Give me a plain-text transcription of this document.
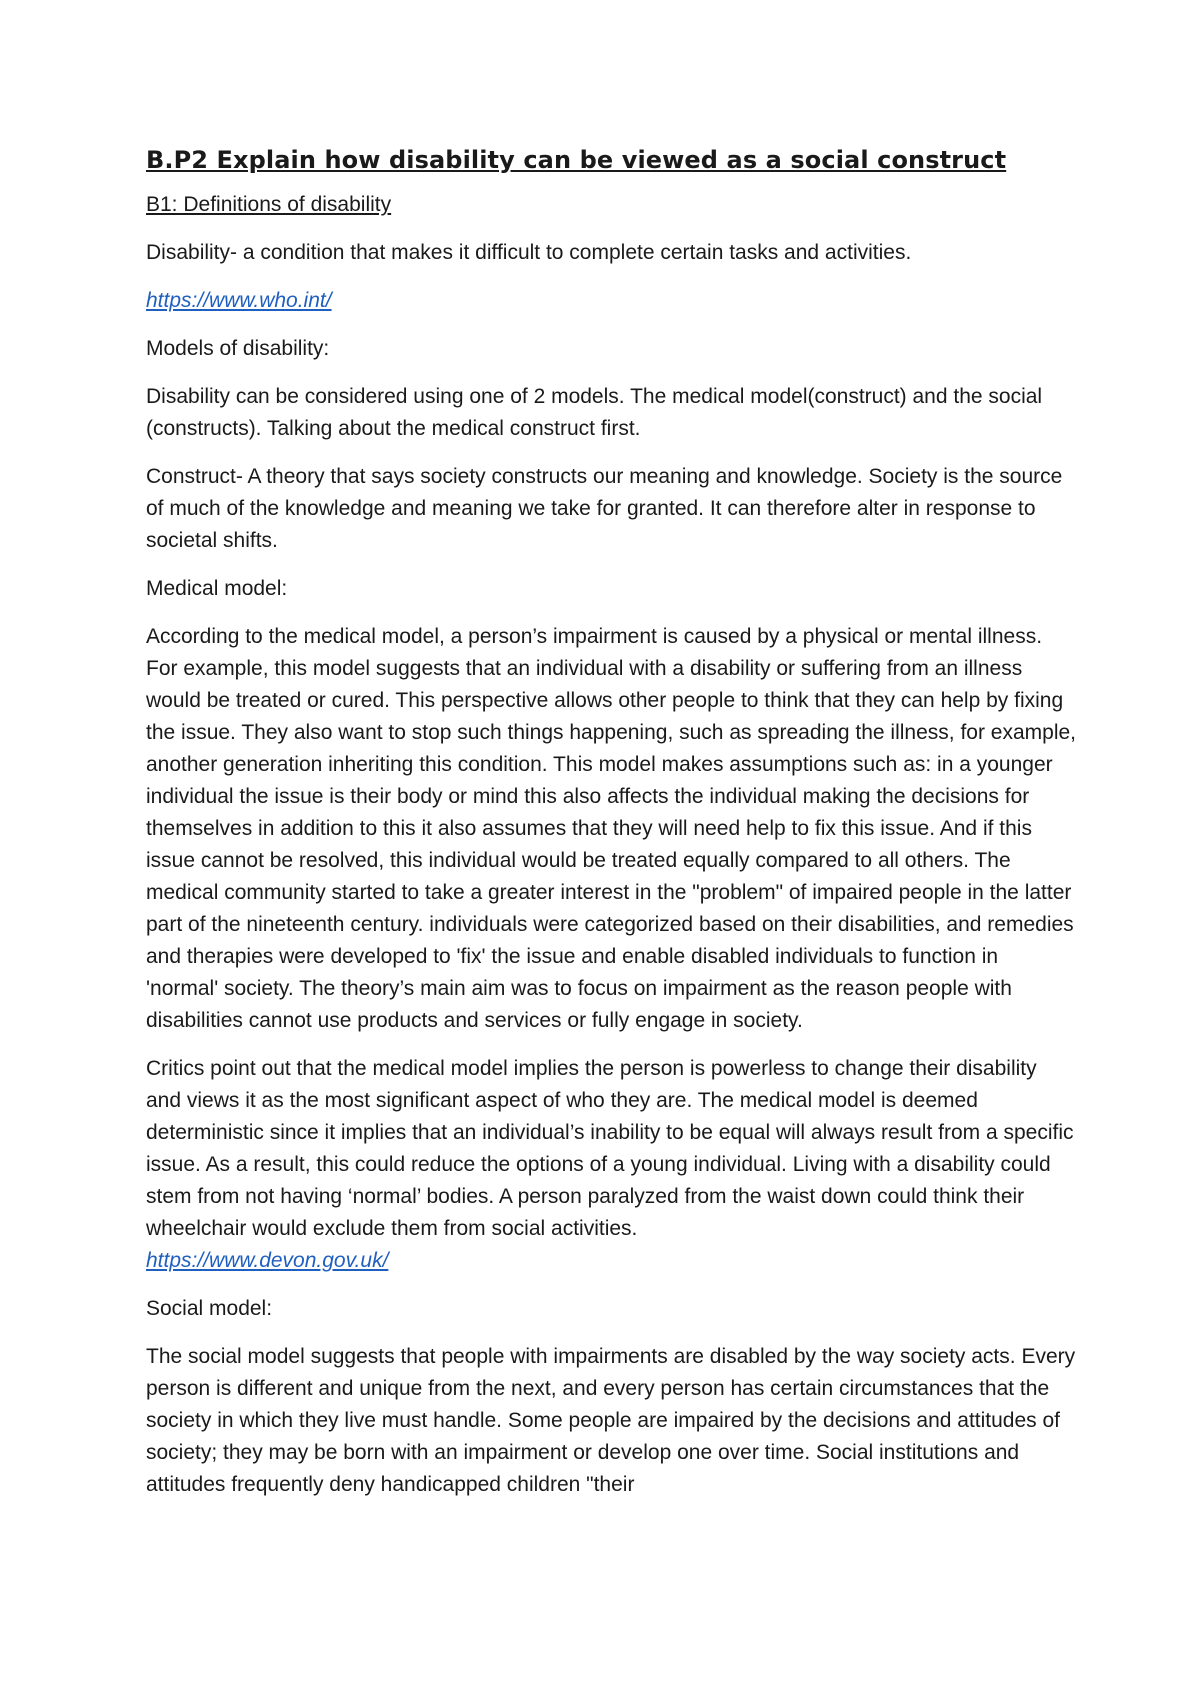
B.P2 Explain how disability can be viewed as a social construct
B1: Definitions of disability

Disability- a condition that makes it difficult to complete certain tasks and activities.

https://www.who.int/

Models of disability:

Disability can be considered using one of 2 models. The medical model(construct) and the social (constructs). Talking about the medical construct first.

Construct- A theory that says society constructs our meaning and knowledge. Society is the source of much of the knowledge and meaning we take for granted. It can therefore alter in response to societal shifts.

Medical model:

According to the medical model, a person’s impairment is caused by a physical or mental illness. For example, this model suggests that an individual with a disability or suffering from an illness would be treated or cured. This perspective allows other people to think that they can help by fixing the issue. They also want to stop such things happening, such as spreading the illness, for example, another generation inheriting this condition. This model makes assumptions such as: in a younger individual the issue is their body or mind this also affects the individual making the decisions for themselves in addition to this it also assumes that they will need help to fix this issue. And if this issue cannot be resolved, this individual would be treated equally compared to all others. The medical community started to take a greater interest in the "problem" of impaired people in the latter part of the nineteenth century. individuals were categorized based on their disabilities, and remedies and therapies were developed to 'fix' the issue and enable disabled individuals to function in 'normal' society. The theory’s main aim was to focus on impairment as the reason people with disabilities cannot use products and services or fully engage in society.

Critics point out that the medical model implies the person is powerless to change their disability and views it as the most significant aspect of who they are. The medical model is deemed deterministic since it implies that an individual’s inability to be equal will always result from a specific issue. As a result, this could reduce the options of a young individual. Living with a disability could stem from not having ‘normal’ bodies. A person paralyzed from the waist down could think their wheelchair would exclude them from social activities.
https://www.devon.gov.uk/

Social model:

The social model suggests that people with impairments are disabled by the way society acts. Every person is different and unique from the next, and every person has certain circumstances that the society in which they live must handle. Some people are impaired by the decisions and attitudes of society; they may be born with an impairment or develop one over time. Social institutions and attitudes frequently deny handicapped children "their
